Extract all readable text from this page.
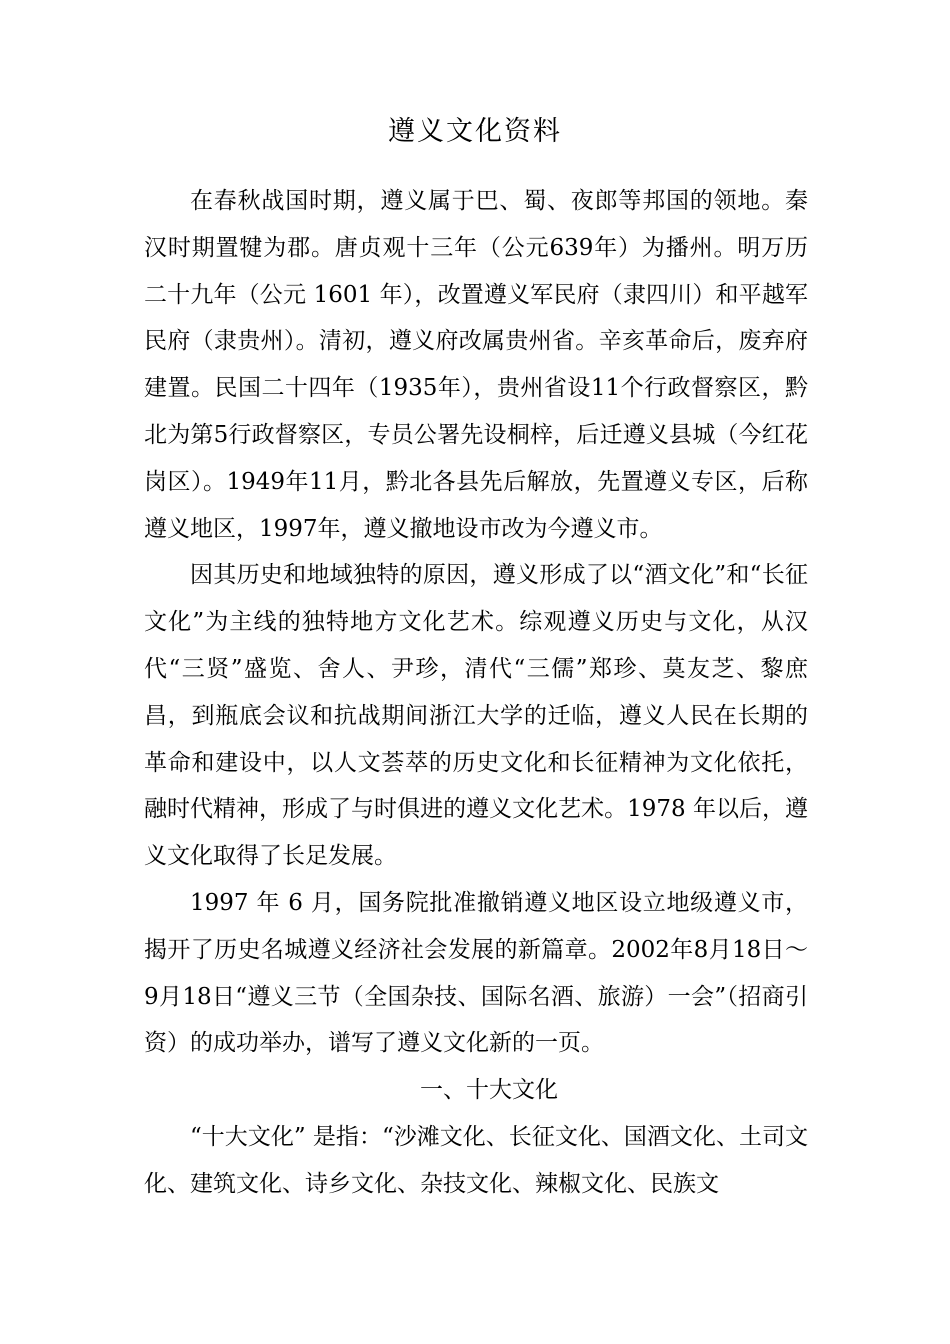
遵义文化资料

在春秋战国时期，遵义属于巴、蜀、夜郎等邦国的领地。秦汉时期置犍为郡。唐贞观十三年（公元639年）为播州。明万历二十九年（公元 1601 年），改置遵义军民府（隶四川）和平越军民府（隶贵州）。清初，遵义府改属贵州省。辛亥革命后，废弃府建置。民国二十四年（1935年），贵州省设11个行政督察区，黔北为第5行政督察区，专员公署先设桐梓，后迁遵义县城（今红花岗区）。1949年11月，黔北各县先后解放，先置遵义专区，后称遵义地区，1997年，遵义撤地设市改为今遵义市。

因其历史和地域独特的原因，遵义形成了以“酒文化”和“长征文化”为主线的独特地方文化艺术。综观遵义历史与文化，从汉代“三贤”盛览、舍人、尹珍，清代“三儒”郑珍、莫友芝、黎庶昌，到瓶底会议和抗战期间浙江大学的迁临，遵义人民在长期的革命和建设中，以人文荟萃的历史文化和长征精神为文化依托，融时代精神，形成了与时俱进的遵义文化艺术。1978 年以后，遵义文化取得了长足发展。

1997 年 6 月，国务院批准撤销遵义地区设立地级遵义市，揭开了历史名城遵义经济社会发展的新篇章。2002年8月18日～9月18日“遵义三节（全国杂技、国际名酒、旅游）一会”（招商引资）的成功举办，谱写了遵义文化新的一页。

一、十大文化

“十大文化” 是指：“沙滩文化、长征文化、国酒文化、土司文化、建筑文化、诗乡文化、杂技文化、辣椒文化、民族文
